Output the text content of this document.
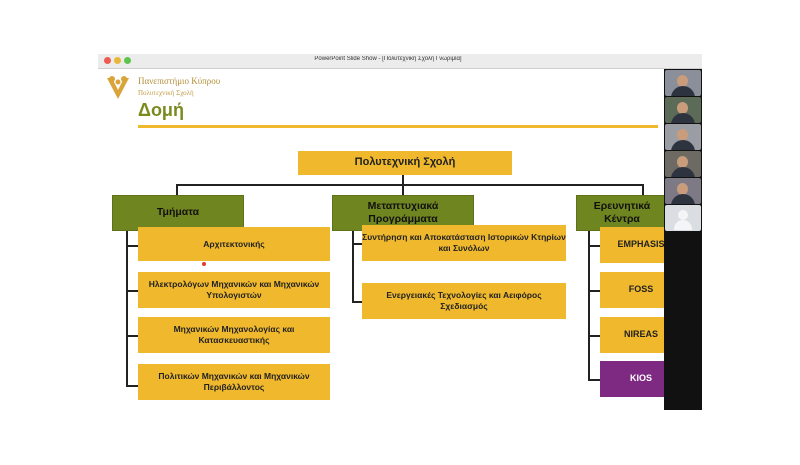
PowerPoint Slide Show - [Πολυτεχνική Σχολή Γνωριμία]
Πανεπιστήμιο Κύπρου
Πολυτεχνική Σχολή
Δομή
Πολυτεχνική Σχολή
Τμήματα
Μεταπτυχιακά Προγράμματα
Ερευνητικά Κέντρα
Αρχιτεκτονικής
Ηλεκτρολόγων Μηχανικών και Μηχανικών Υπολογιστών
Μηχανικών Μηχανολογίας και Κατασκευαστικής
Πολιτικών Μηχανικών και Μηχανικών Περιβάλλοντος
Συντήρηση και Αποκατάσταση Ιστορικών Κτηρίων και Συνόλων
Ενεργειακές Τεχνολογίες και Αειφόρος Σχεδιασμός
EMPHASIS
FOSS
NIREAS
KIOS
